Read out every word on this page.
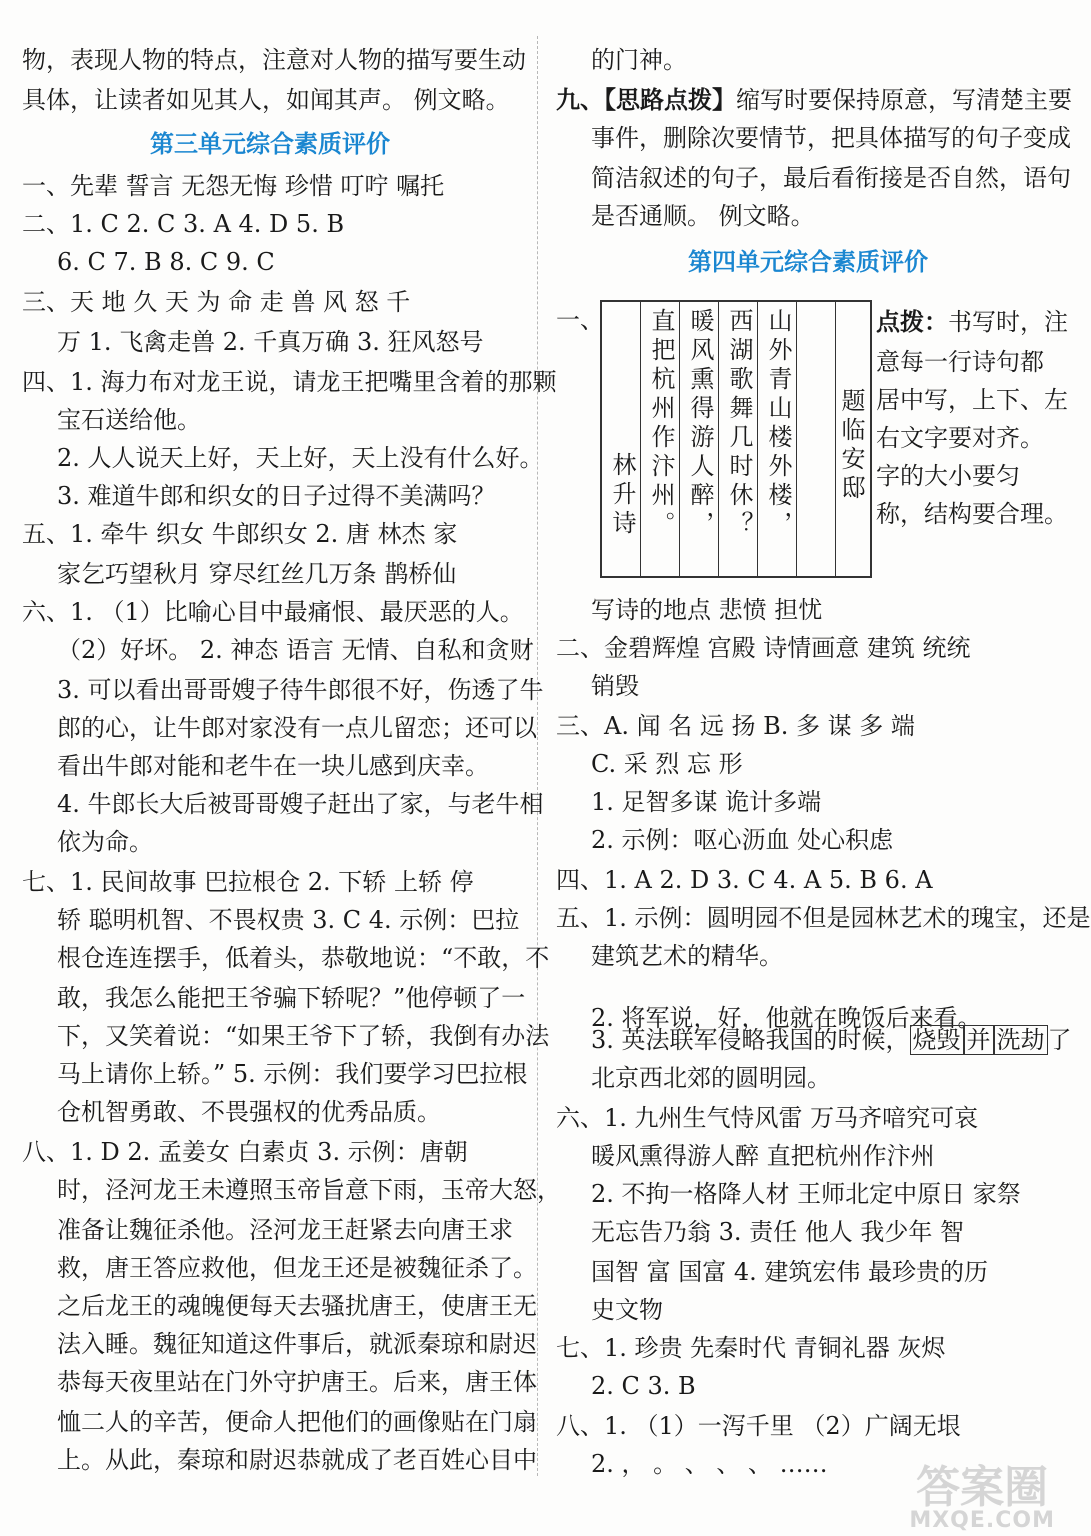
物，表现人物的特点，注意对人物的描写要生动
具体，让读者如见其人，如闻其声。 例文略。
第三单元综合素质评价
一、先辈 誓言 无怨无悔 珍惜 叮咛 嘱托
二、1. C 2. C 3. A 4. D 5. B
6. C 7. B 8. C 9. C
三、天 地 久 天 为 命 走 兽 风 怒 千
万 1. 飞禽走兽 2. 千真万确 3. 狂风怒号
四、1. 海力布对龙王说，请龙王把嘴里含着的那颗
宝石送给他。
2. 人人说天上好，天上好，天上没有什么好。
3. 难道牛郎和织女的日子过得不美满吗？
五、1. 牵牛 织女 牛郎织女 2. 唐 林杰 家
家乞巧望秋月 穿尽红丝几万条 鹊桥仙
六、1. （1）比喻心目中最痛恨、最厌恶的人。
（2）好坏。 2. 神态 语言 无情、自私和贪财
3. 可以看出哥哥嫂子待牛郎很不好，伤透了牛
郎的心，让牛郎对家没有一点儿留恋；还可以
看出牛郎对能和老牛在一块儿感到庆幸。
4. 牛郎长大后被哥哥嫂子赶出了家，与老牛相
依为命。
七、1. 民间故事 巴拉根仓 2. 下轿 上轿 停
轿 聪明机智、不畏权贵 3. C 4. 示例：巴拉
根仓连连摆手，低着头，恭敬地说：“不敢，不
敢，我怎么能把王爷骗下轿呢？”他停顿了一
下，又笑着说：“如果王爷下了轿，我倒有办法
马上请你上轿。” 5. 示例：我们要学习巴拉根
仓机智勇敢、不畏强权的优秀品质。
八、1. D 2. 孟姜女 白素贞 3. 示例：唐朝
时，泾河龙王未遵照玉帝旨意下雨，玉帝大怒，
准备让魏征杀他。泾河龙王赶紧去向唐王求
救，唐王答应救他，但龙王还是被魏征杀了。
之后龙王的魂魄便每天去骚扰唐王，使唐王无
法入睡。魏征知道这件事后，就派秦琼和尉迟
恭每天夜里站在门外守护唐王。后来，唐王体
恤二人的辛苦，便命人把他们的画像贴在门扇
上。从此，秦琼和尉迟恭就成了老百姓心目中
的门神。
九、【思路点拨】缩写时要保持原意，写清楚主要
事件，删除次要情节，把具体描写的句子变成
简洁叙述的句子，最后看衔接是否自然，语句
是否通顺。 例文略。
第四单元综合素质评价
一、
林升诗 直把杭州作汴州。 暖风熏得游人醉， 西湖歌舞几时休？ 山外青山楼外楼， 题临安邸
点拨：书写时，注
意每一行诗句都
居中写，上下、左
右文字要对齐。
字的大小要匀
称，结构要合理。
写诗的地点 悲愤 担忧
二、金碧辉煌 宫殿 诗情画意 建筑 统统
销毁
三、A. 闻 名 远 扬 B. 多 谋 多 端
C. 采 烈 忘 形
1. 足智多谋 诡计多端
2. 示例：呕心沥血 处心积虑
四、1. A 2. D 3. C 4. A 5. B 6. A
五、1. 示例：圆明园不但是园林艺术的瑰宝，还是
建筑艺术的精华。
2. 将军说，好，他就在晚饭后来看。
3. 英法联军侵略我国的时候， 烧毁 并 洗劫 了
北京西北郊的圆明园。
六、1. 九州生气恃风雷 万马齐喑究可哀
暖风熏得游人醉 直把杭州作汴州
2. 不拘一格降人材 王师北定中原日 家祭
无忘告乃翁 3. 责任 他人 我少年 智
国智 富 国富 4. 建筑宏伟 最珍贵的历
史文物
七、1. 珍贵 先秦时代 青铜礼器 灰烬
2. C 3. B
八、1. （1）一泻千里 （2）广阔无垠
2. ， 。 、 、 、 …… 答案圈
MXQE.COM
